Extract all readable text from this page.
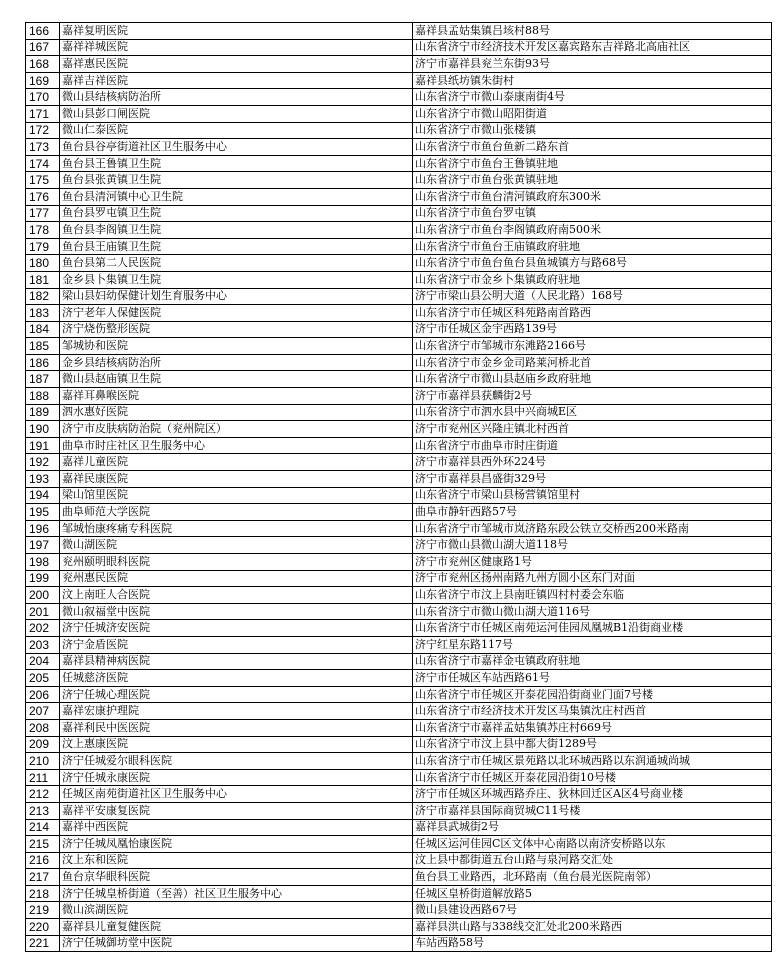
166	嘉祥复明医院	嘉祥县孟姑集镇吕垓村88号
167	嘉祥祥城医院	山东省济宁市经济技术开发区嘉宾路东吉祥路北高庙社区
168	嘉祥惠民医院	济宁市嘉祥县兖兰东街93号
169	嘉祥吉祥医院	嘉祥县纸坊镇朱街村
170	微山县结核病防治所	山东省济宁市微山泰康南街4号
171	微山县彭口闸医院	山东省济宁市微山昭阳街道
172	微山仁泰医院	山东省济宁市微山张楼镇
173	鱼台县谷亭街道社区卫生服务中心	山东省济宁市鱼台鱼新二路东首
174	鱼台县王鲁镇卫生院	山东省济宁市鱼台王鲁镇驻地
175	鱼台县张黄镇卫生院	山东省济宁市鱼台张黄镇驻地
176	鱼台县清河镇中心卫生院	山东省济宁市鱼台清河镇政府东300米
177	鱼台县罗屯镇卫生院	山东省济宁市鱼台罗屯镇
178	鱼台县李阁镇卫生院	山东省济宁市鱼台李阁镇政府南500米
179	鱼台县王庙镇卫生院	山东省济宁市鱼台王庙镇政府驻地
180	鱼台县第二人民医院	山东省济宁市鱼台鱼台县鱼城镇方与路68号
181	金乡县卜集镇卫生院	山东省济宁市金乡卜集镇政府驻地
182	梁山县妇幼保健计划生育服务中心	济宁市梁山县公明大道（人民北路）168号
183	济宁老年人保健医院	山东省济宁市任城区科苑路南首路西
184	济宁烧伤整形医院	济宁市任城区金宇西路139号
185	邹城协和医院	山东省济宁市邹城市东滩路2166号
186	金乡县结核病防治所	山东省济宁市金乡金司路莱河桥北首
187	微山县赵庙镇卫生院	山东省济宁市微山县赵庙乡政府驻地
188	嘉祥耳鼻喉医院	济宁市嘉祥县获麟街2号
189	泗水惠好医院	山东省济宁市泗水县中兴商城E区
190	济宁市皮肤病防治院（兖州院区）	济宁市兖州区兴隆庄镇北村西首
191	曲阜市时庄社区卫生服务中心	山东省济宁市曲阜市时庄街道
192	嘉祥儿童医院	济宁市嘉祥县西外环224号
193	嘉祥民康医院	济宁市嘉祥县昌盛街329号
194	梁山馆里医院	山东省济宁市梁山县杨营镇馆里村
195	曲阜师范大学医院	曲阜市静轩西路57号
196	邹城怡康疼痛专科医院	山东省济宁市邹城市岚济路东段公铁立交桥西200米路南
197	微山湖医院	济宁市微山县微山湖大道118号
198	兖州颐明眼科医院	济宁市兖州区健康路1号
199	兖州惠民医院	济宁市兖州区扬州南路九州方圆小区东门对面
200	汶上南旺人合医院	山东省济宁市汶上县南旺镇四村村委会东临
201	微山叙福堂中医院	山东省济宁市微山微山湖大道116号
202	济宁任城济安医院	山东省济宁市任城区南苑运河佳园凤凰城B1沿街商业楼
203	济宁金盾医院	济宁红星东路117号
204	嘉祥县精神病医院	山东省济宁市嘉祥金屯镇政府驻地
205	任城慈济医院	济宁市任城区车站西路61号
206	济宁任城心理医院	山东省济宁市任城区开泰花园沿街商业门面7号楼
207	嘉祥宏康护理院	山东省济宁市经济技术开发区马集镇沈庄村西首
208	嘉祥利民中医医院	山东省济宁市嘉祥孟姑集镇苏庄村669号
209	汶上惠康医院	山东省济宁市汶上县中都大街1289号
210	济宁任城爱尔眼科医院	山东省济宁市任城区景苑路以北环城西路以东润通城尚城
211	济宁任城永康医院	山东省济宁市任城区开泰花园沿街10号楼
212	任城区南苑街道社区卫生服务中心	济宁市任城区环城西路乔庄、狄林回迁区A区4号商业楼
213	嘉祥平安康复医院	济宁市嘉祥县国际商贸城C11号楼
214	嘉祥中西医院	嘉祥县武城街2号
215	济宁任城凤凰怡康医院	任城区运河佳园C区文体中心南路以南济安桥路以东
216	汶上东和医院	汶上县中都街道五台山路与泉河路交汇处
217	鱼台京华眼科医院	鱼台县工业路西，北环路南（鱼台晨光医院南邻）
218	济宁任城皇桥街道（至善）社区卫生服务中心	任城区皇桥街道解放路5
219	微山滨湖医院	微山县建设西路67号
220	嘉祥县儿童复健医院	嘉祥县洪山路与338线交汇处北200米路西
221	济宁任城御坊堂中医院	车站西路58号
